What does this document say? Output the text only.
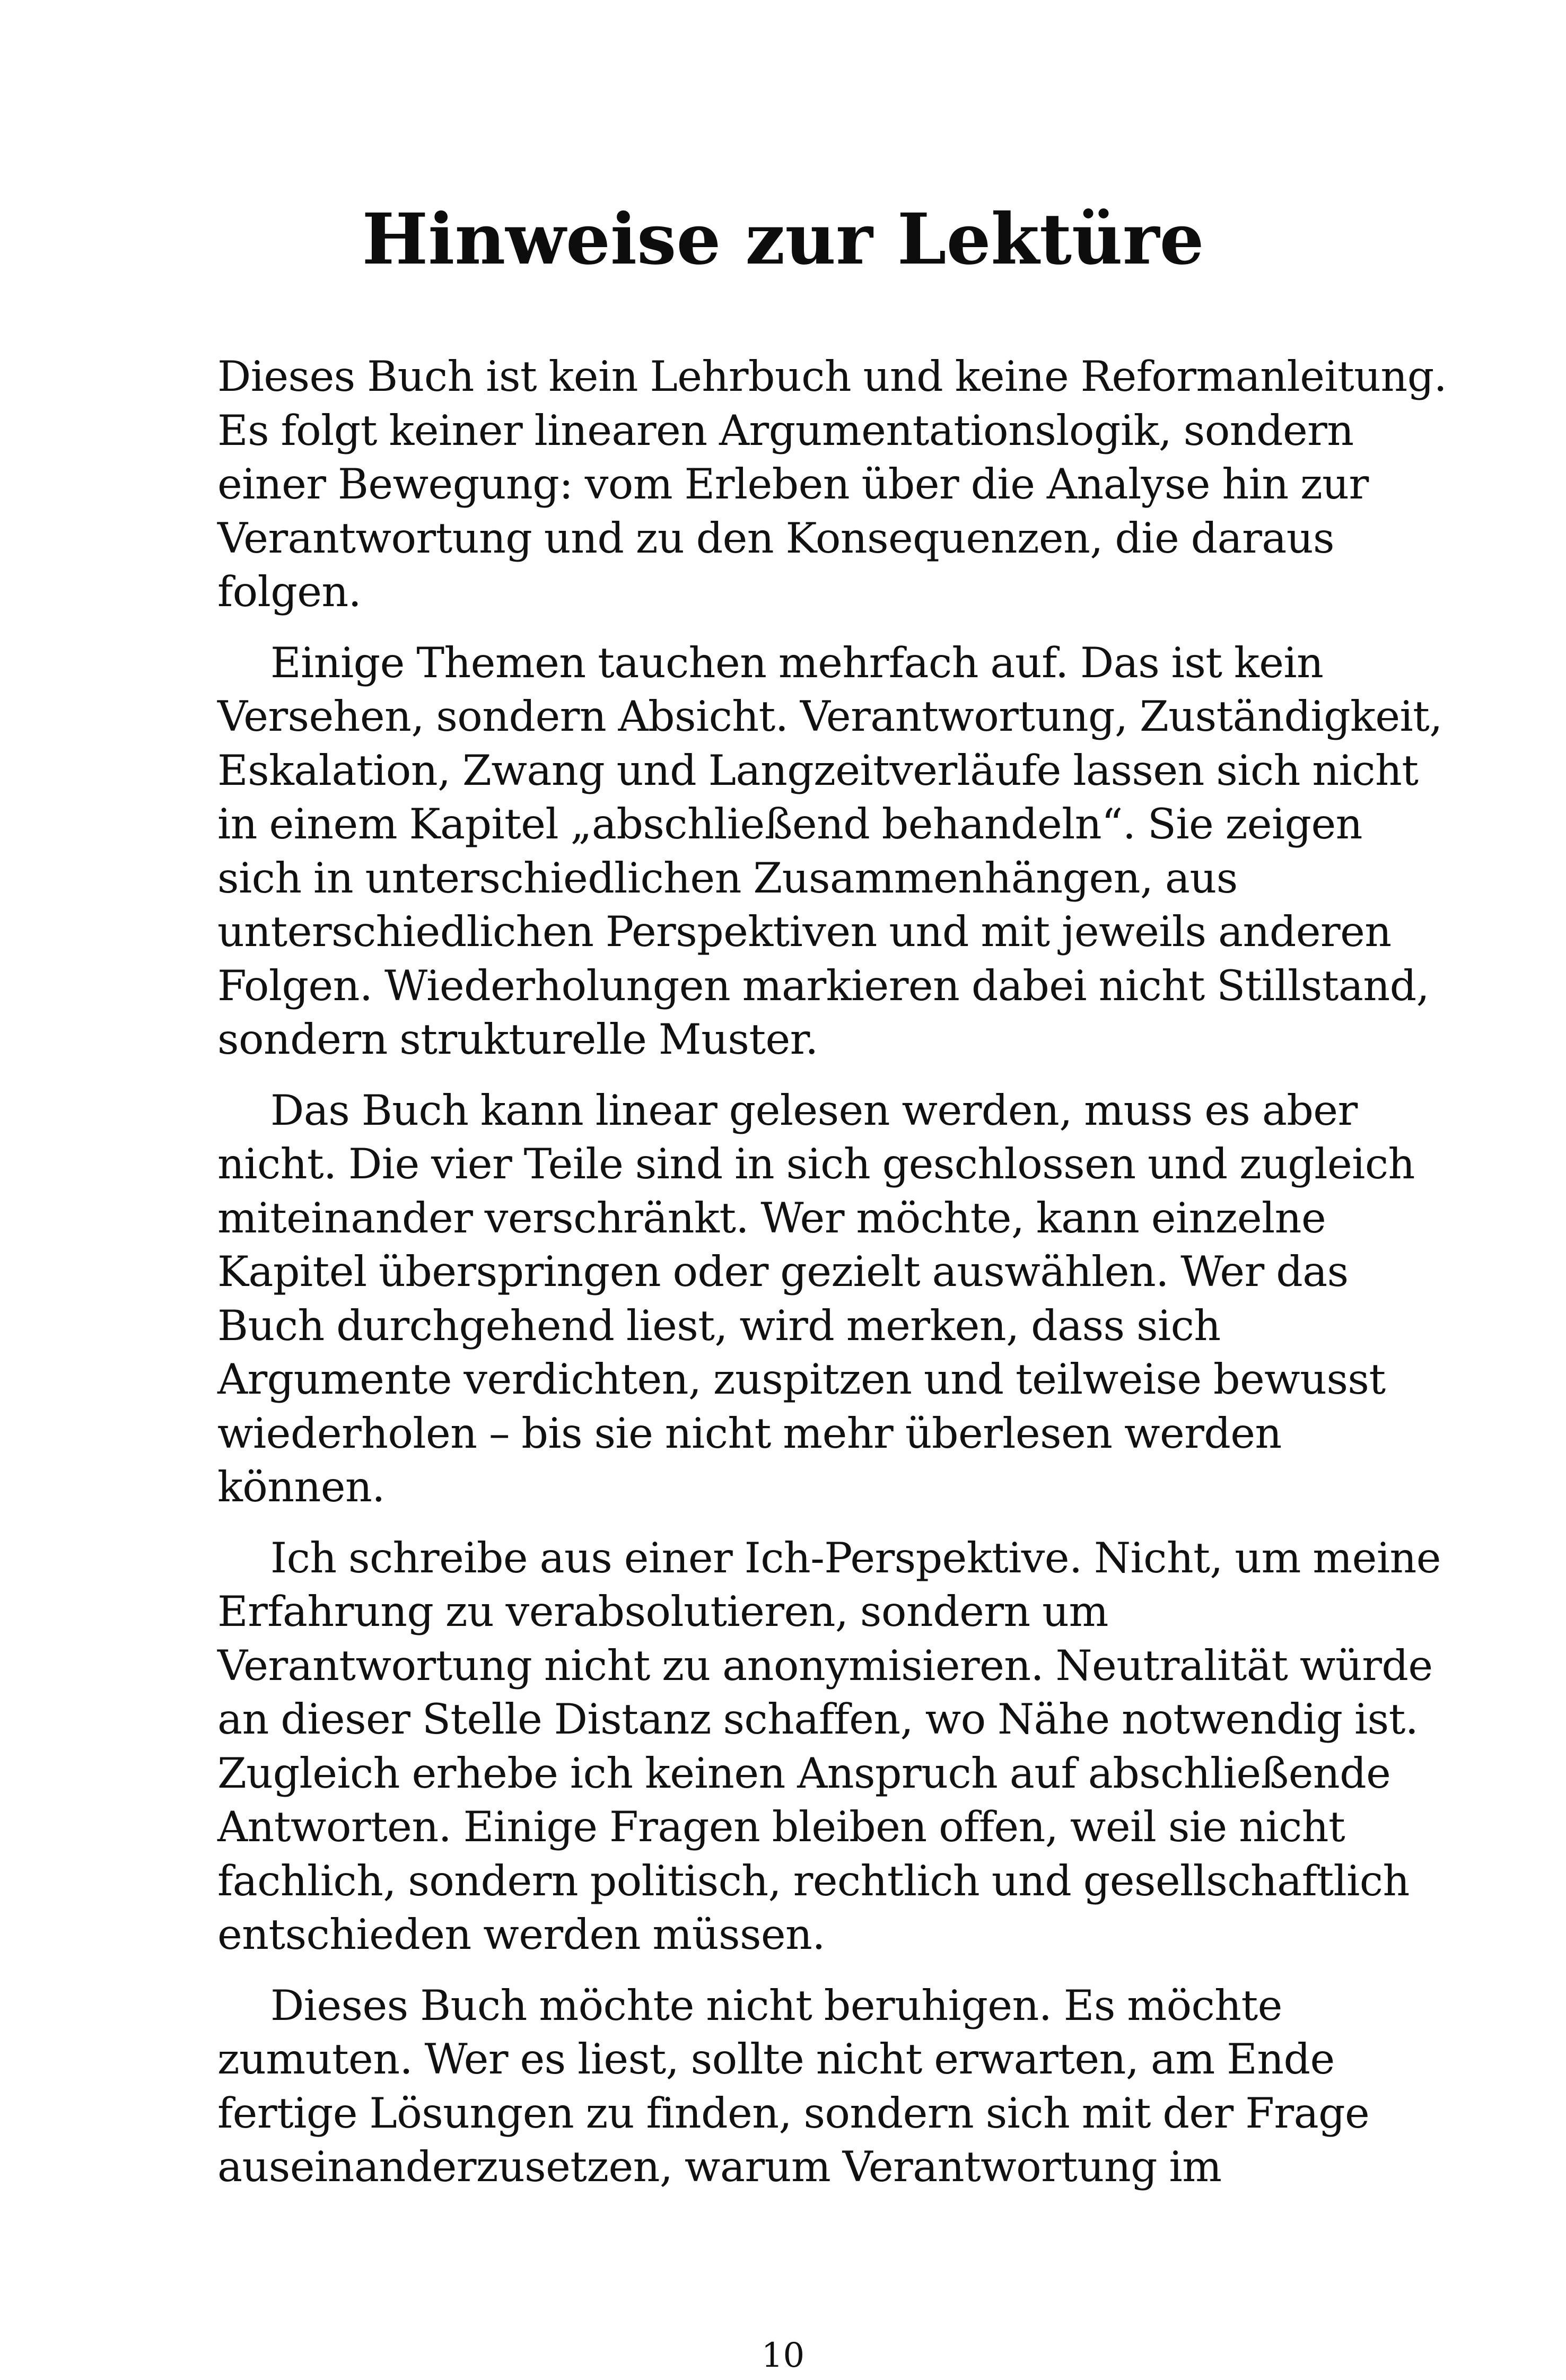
Hinweise zur Lektüre

Dieses Buch ist kein Lehrbuch und keine Reformanleitung.
Es folgt keiner linearen Argumentationslogik, sondern
einer Bewegung: vom Erleben über die Analyse hin zur
Verantwortung und zu den Konsequenzen, die daraus
folgen.

Einige Themen tauchen mehrfach auf. Das ist kein
Versehen, sondern Absicht. Verantwortung, Zuständigkeit,
Eskalation, Zwang und Langzeitverläufe lassen sich nicht
in einem Kapitel „abschließend behandeln“. Sie zeigen
sich in unterschiedlichen Zusammenhängen, aus
unterschiedlichen Perspektiven und mit jeweils anderen
Folgen. Wiederholungen markieren dabei nicht Stillstand,
sondern strukturelle Muster.

Das Buch kann linear gelesen werden, muss es aber
nicht. Die vier Teile sind in sich geschlossen und zugleich
miteinander verschränkt. Wer möchte, kann einzelne
Kapitel überspringen oder gezielt auswählen. Wer das
Buch durchgehend liest, wird merken, dass sich
Argumente verdichten, zuspitzen und teilweise bewusst
wiederholen – bis sie nicht mehr überlesen werden
können.

Ich schreibe aus einer Ich-Perspektive. Nicht, um meine
Erfahrung zu verabsolutieren, sondern um
Verantwortung nicht zu anonymisieren. Neutralität würde
an dieser Stelle Distanz schaffen, wo Nähe notwendig ist.
Zugleich erhebe ich keinen Anspruch auf abschließende
Antworten. Einige Fragen bleiben offen, weil sie nicht
fachlich, sondern politisch, rechtlich und gesellschaftlich
entschieden werden müssen.

Dieses Buch möchte nicht beruhigen. Es möchte
zumuten. Wer es liest, sollte nicht erwarten, am Ende
fertige Lösungen zu finden, sondern sich mit der Frage
auseinanderzusetzen, warum Verantwortung im

10
